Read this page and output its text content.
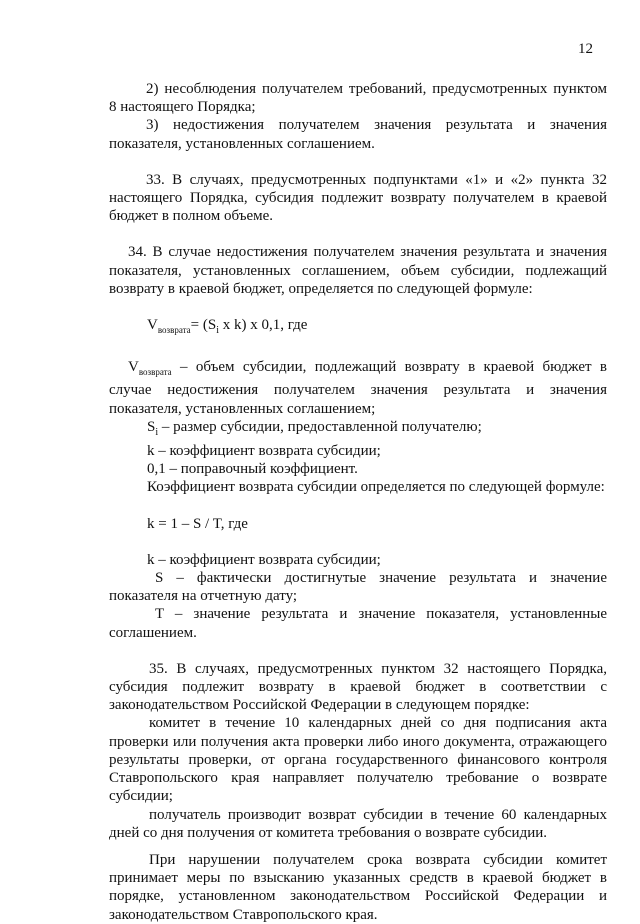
12

2) несоблюдения получателем требований, предусмотренных пунктом 8 настоящего Порядка;

3) недостижения получателем значения результата и значения показателя, установленных соглашением.

33. В случаях, предусмотренных подпунктами «1» и «2» пункта 32 настоящего Порядка, субсидия подлежит возврату получателем в краевой бюджет в полном объеме.

34. В случае недостижения получателем значения результата и значения показателя, установленных соглашением, объем субсидии, подлежащий возврату в краевой бюджет, определяется по следующей формуле:

$V_{возврата}= (S_i$ x k) x 0,1, где

$V_{возврата}$ – объем субсидии, подлежащий возврату в краевой бюджет в случае недостижения получателем значения результата и значения показателя, установленных соглашением;

$S_i$ – размер субсидии, предоставленной получателю;

k – коэффициент возврата субсидии;

0,1 – поправочный коэффициент.

Коэффициент возврата субсидии определяется по следующей формуле:

k = 1 – S / T, где

k – коэффициент возврата субсидии;

S – фактически достигнутые значение результата и значение показателя на отчетную дату;

T – значение результата и значение показателя, установленные соглашением.

35. В случаях, предусмотренных пунктом 32 настоящего Порядка, субсидия подлежит возврату в краевой бюджет в соответствии с законодательством Российской Федерации в следующем порядке:

комитет в течение 10 календарных дней со дня подписания акта проверки или получения акта проверки либо иного документа, отражающего результаты проверки, от органа государственного финансового контроля Ставропольского края направляет получателю требование о возврате субсидии;

получатель производит возврат субсидии в течение 60 календарных дней со дня получения от комитета требования о возврате субсидии.

При нарушении получателем срока возврата субсидии комитет принимает меры по взысканию указанных средств в краевой бюджет в порядке, установленном законодательством Российской Федерации и законодательством Ставропольского края.
